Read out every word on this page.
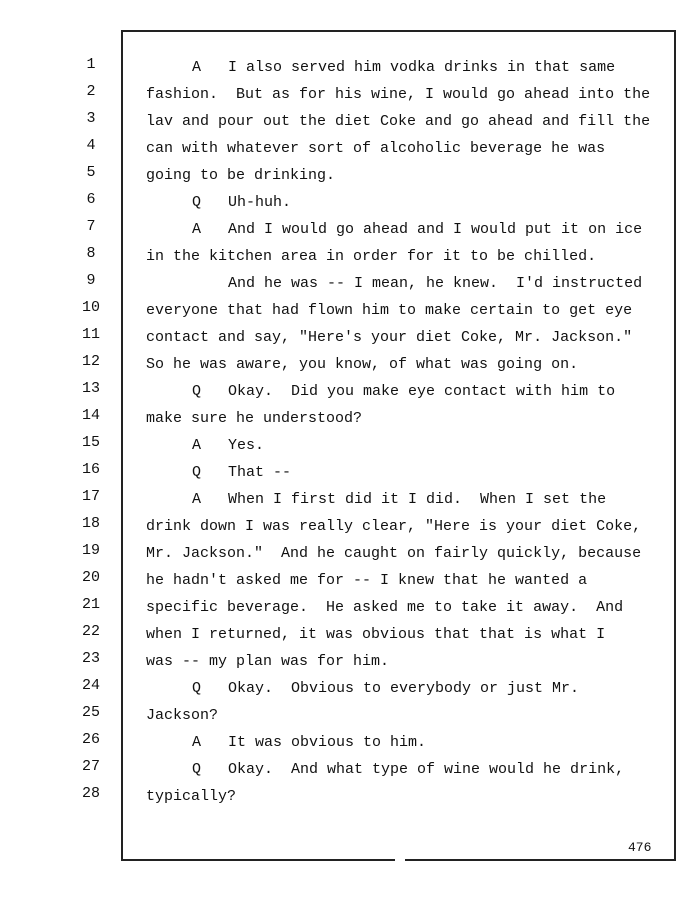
1
2
3
4
5
6
7
8
9
10
11
12
13
14
15
16
17
18
19
20
21
22
23
24
25
26
27
28
A   I also served him vodka drinks in that same
fashion.  But as for his wine, I would go ahead into the
lav and pour out the diet Coke and go ahead and fill the
can with whatever sort of alcoholic beverage he was
going to be drinking.
Q   Uh-huh.
A   And I would go ahead and I would put it on ice
in the kitchen area in order for it to be chilled.
And he was -- I mean, he knew.  I'd instructed
everyone that had flown him to make certain to get eye
contact and say, "Here's your diet Coke, Mr. Jackson."
So he was aware, you know, of what was going on.
Q   Okay.  Did you make eye contact with him to
make sure he understood?
A   Yes.
Q   That --
A   When I first did it I did.  When I set the
drink down I was really clear, "Here is your diet Coke,
Mr. Jackson."  And he caught on fairly quickly, because
he hadn't asked me for -- I knew that he wanted a
specific beverage.  He asked me to take it away.  And
when I returned, it was obvious that that is what I
was -- my plan was for him.
Q   Okay.  Obvious to everybody or just Mr.
Jackson?
A   It was obvious to him.
Q   Okay.  And what type of wine would he drink,
typically?
476
